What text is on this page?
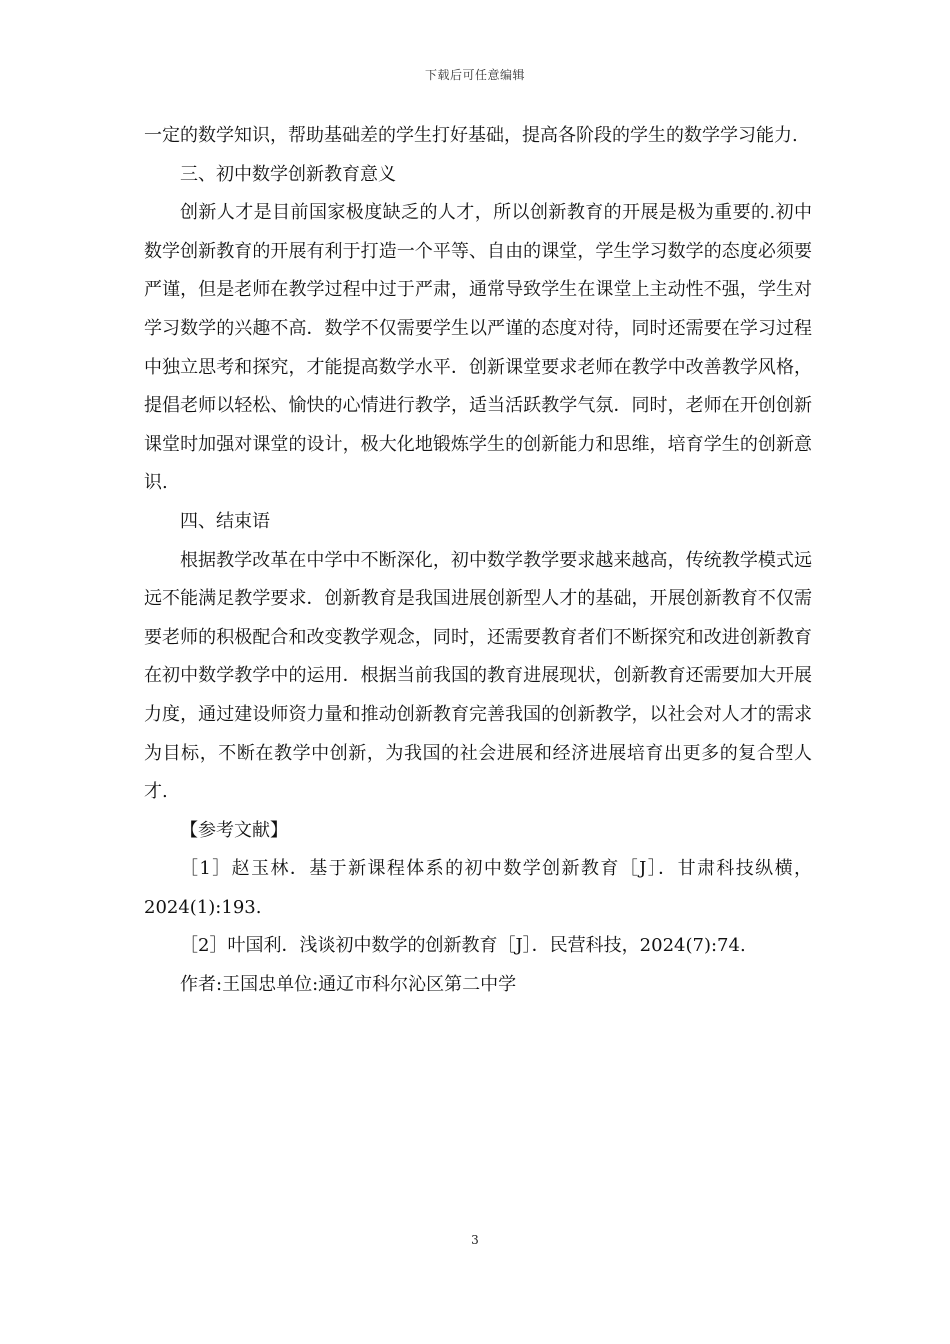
下载后可任意编辑

一定的数学知识，帮助基础差的学生打好基础，提高各阶段的学生的数学学习能力.

三、初中数学创新教育意义

创新人才是目前国家极度缺乏的人才，所以创新教育的开展是极为重要的.初中数学创新教育的开展有利于打造一个平等、自由的课堂，学生学习数学的态度必须要严谨，但是老师在教学过程中过于严肃，通常导致学生在课堂上主动性不强，学生对学习数学的兴趣不高．数学不仅需要学生以严谨的态度对待，同时还需要在学习过程中独立思考和探究，才能提高数学水平．创新课堂要求老师在教学中改善教学风格，提倡老师以轻松、愉快的心情进行教学，适当活跃教学气氛．同时，老师在开创创新课堂时加强对课堂的设计，极大化地锻炼学生的创新能力和思维，培育学生的创新意识.

四、结束语

根据教学改革在中学中不断深化，初中数学教学要求越来越高，传统教学模式远远不能满足教学要求．创新教育是我国进展创新型人才的基础，开展创新教育不仅需要老师的积极配合和改变教学观念，同时，还需要教育者们不断探究和改进创新教育在初中数学教学中的运用．根据当前我国的教育进展现状，创新教育还需要加大开展力度，通过建设师资力量和推动创新教育完善我国的创新教学，以社会对人才的需求为目标，不断在教学中创新，为我国的社会进展和经济进展培育出更多的复合型人才.

【参考文献】

［1］赵玉林．基于新课程体系的初中数学创新教育［J］．甘肃科技纵横，2024(1):193.

［2］叶国利．浅谈初中数学的创新教育［J］．民营科技，2024(7):74.

作者:王国忠单位:通辽市科尔沁区第二中学

3
